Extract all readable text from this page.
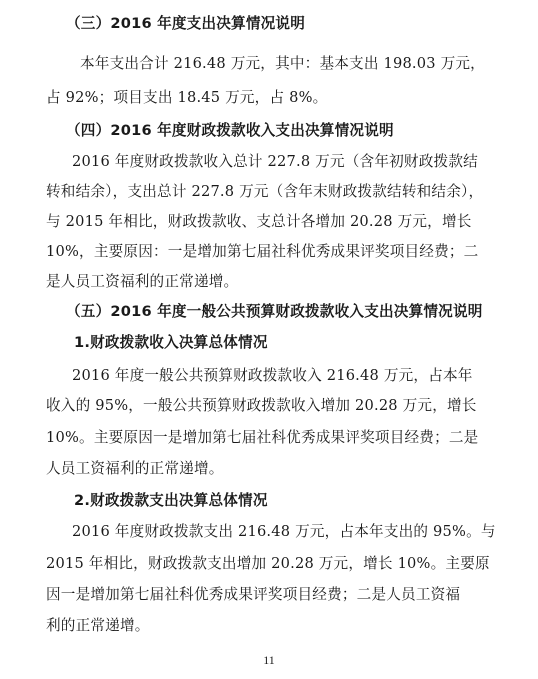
（三）2016 年度支出决算情况说明
本年支出合计 216.48 万元，其中：基本支出 198.03 万元，
占 92%；项目支出 18.45 万元，占 8%。
（四）2016 年度财政拨款收入支出决算情况说明
2016 年度财政拨款收入总计 227.8 万元（含年初财政拨款结
转和结余），支出总计 227.8 万元（含年末财政拨款结转和结余），
与 2015 年相比，财政拨款收、支总计各增加 20.28 万元，增长
10%，主要原因：一是增加第七届社科优秀成果评奖项目经费；二
是人员工资福利的正常递增。
（五）2016 年度一般公共预算财政拨款收入支出决算情况说明
1.财政拨款收入决算总体情况
2016 年度一般公共预算财政拨款收入 216.48 万元，占本年
收入的 95%，一般公共预算财政拨款收入增加 20.28 万元，增长
10%。主要原因一是增加第七届社科优秀成果评奖项目经费；二是
人员工资福利的正常递增。
2.财政拨款支出决算总体情况
2016 年度财政拨款支出 216.48 万元，占本年支出的 95%。与
2015 年相比，财政拨款支出增加 20.28 万元，增长 10%。主要原
因一是增加第七届社科优秀成果评奖项目经费；二是人员工资福
利的正常递增。
11
